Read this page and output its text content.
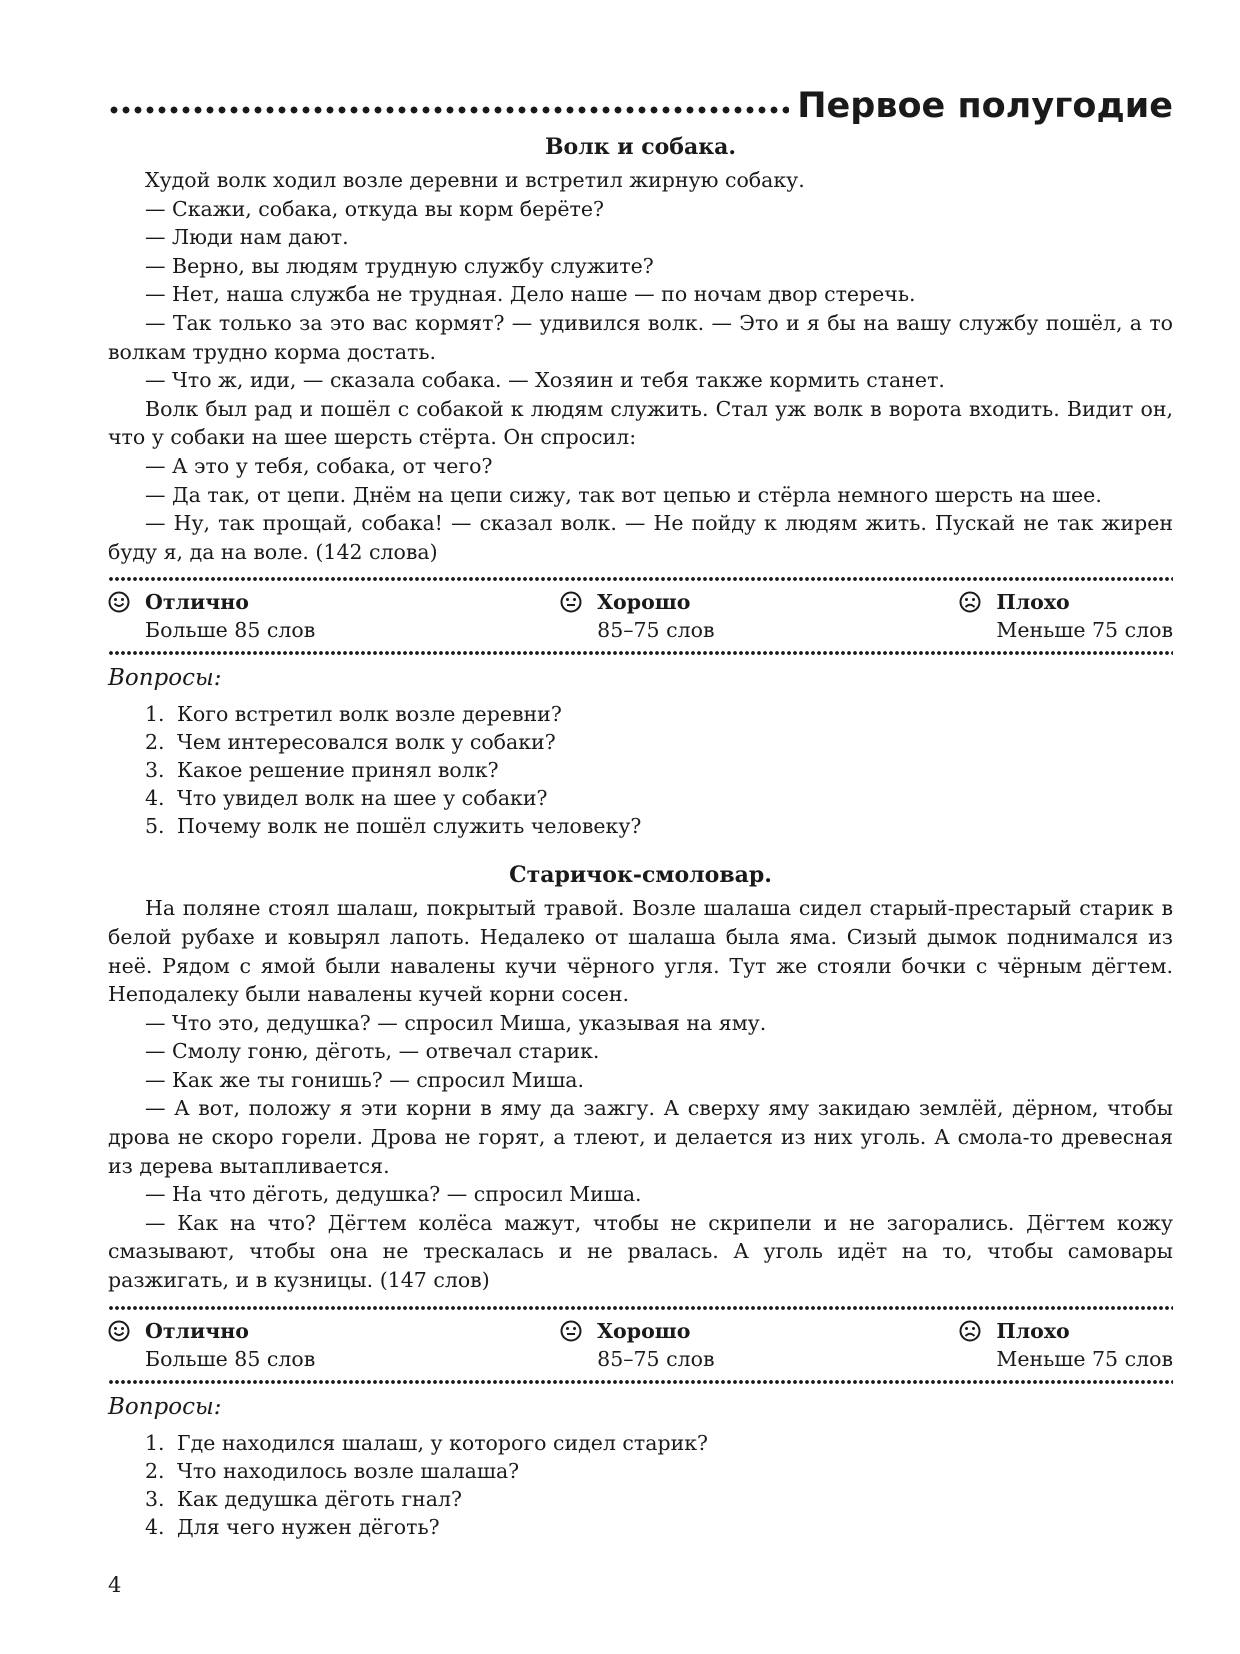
Первое полугодие
Волк и собака.

Худой волк ходил возле деревни и встретил жирную собаку.

— Скажи, собака, откуда вы корм берёте?

— Люди нам дают.

— Верно, вы людям трудную службу служите?

— Нет, наша служба не трудная. Дело наше — по ночам двор стеречь.

— Так только за это вас кормят? — удивился волк. — Это и я бы на вашу службу пошёл, а то волкам трудно корма достать.

— Что ж, иди, — сказала собака. — Хозяин и тебя также кормить станет.

Волк был рад и пошёл с собакой к людям служить. Стал уж волк в ворота входить. Видит он, что у собаки на шее шерсть стёрта. Он спросил:

— А это у тебя, собака, от чего?

— Да так, от цепи. Днём на цепи сижу, так вот цепью и стёрла немного шерсть на шее.

— Ну, так прощай, собака! — сказал волк. — Не пойду к людям жить. Пускай не так жирен буду я, да на воле. (142 слова)

Отлично
Больше 85 слов
Хорошо
85–75 слов
Плохо
Меньше 75 слов
Вопросы:
1. Кого встретил волк возле деревни?
2. Чем интересовался волк у собаки?
3. Какое решение принял волк?
4. Что увидел волк на шее у собаки?
5. Почему волк не пошёл служить человеку?
Старичок-смоловар.

На поляне стоял шалаш, покрытый травой. Возле шалаша сидел старый-престарый старик в белой рубахе и ковырял лапоть. Недалеко от шалаша была яма. Сизый дымок поднимался из неё. Рядом с ямой были навалены кучи чёрного угля. Тут же стояли бочки с чёрным дёгтем. Неподалеку были навалены кучей корни сосен.

— Что это, дедушка? — спросил Миша, указывая на яму.

— Смолу гоню, дёготь, — отвечал старик.

— Как же ты гонишь? — спросил Миша.

— А вот, положу я эти корни в яму да зажгу. А сверху яму закидаю землёй, дёрном, чтобы дрова не скоро горели. Дрова не горят, а тлеют, и делается из них уголь. А смола-то древесная из дерева вытапливается.

— На что дёготь, дедушка? — спросил Миша.

— Как на что? Дёгтем колёса мажут, чтобы не скрипели и не загорались. Дёгтем кожу смазывают, чтобы она не трескалась и не рвалась. А уголь идёт на то, чтобы самовары разжигать, и в кузницы. (147 слов)

Отлично
Больше 85 слов
Хорошо
85–75 слов
Плохо
Меньше 75 слов
Вопросы:
1. Где находился шалаш, у которого сидел старик?
2. Что находилось возле шалаша?
3. Как дедушка дёготь гнал?
4. Для чего нужен дёготь?
4
